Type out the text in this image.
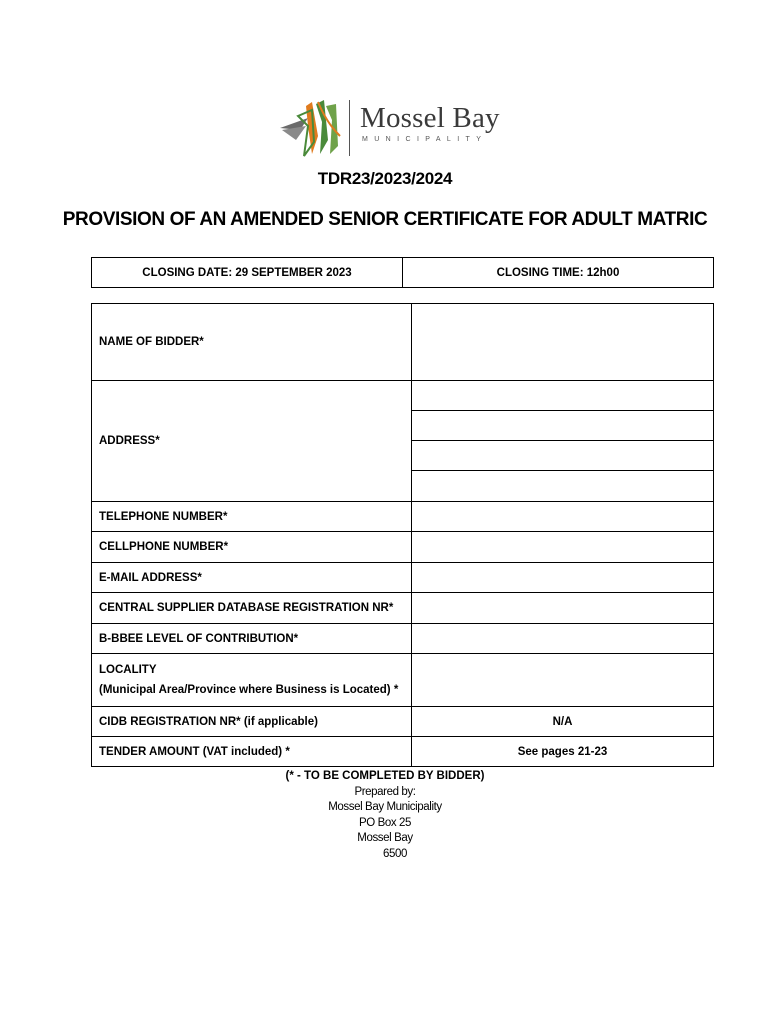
Mossel Bay
MUNICIPALITY
TDR23/2023/2024
PROVISION OF AN AMENDED SENIOR CERTIFICATE FOR ADULT MATRIC
CLOSING DATE: 29 SEPTEMBER 2023	CLOSING TIME: 12h00
NAME OF BIDDER*	
ADDRESS*	

TELEPHONE NUMBER*	
CELLPHONE NUMBER*	
E-MAIL ADDRESS*	
CENTRAL SUPPLIER DATABASE REGISTRATION NR*	
B-BBEE LEVEL OF CONTRIBUTION*	

LOCALITY
(Municipal Area/Province where Business is Located) *	
CIDB REGISTRATION NR* (if applicable)	N/A
TENDER AMOUNT (VAT included) *	See pages 21-23
(* - TO BE COMPLETED BY BIDDER)
Prepared by:
Mossel Bay Municipality
PO Box 25
Mossel Bay
6500
